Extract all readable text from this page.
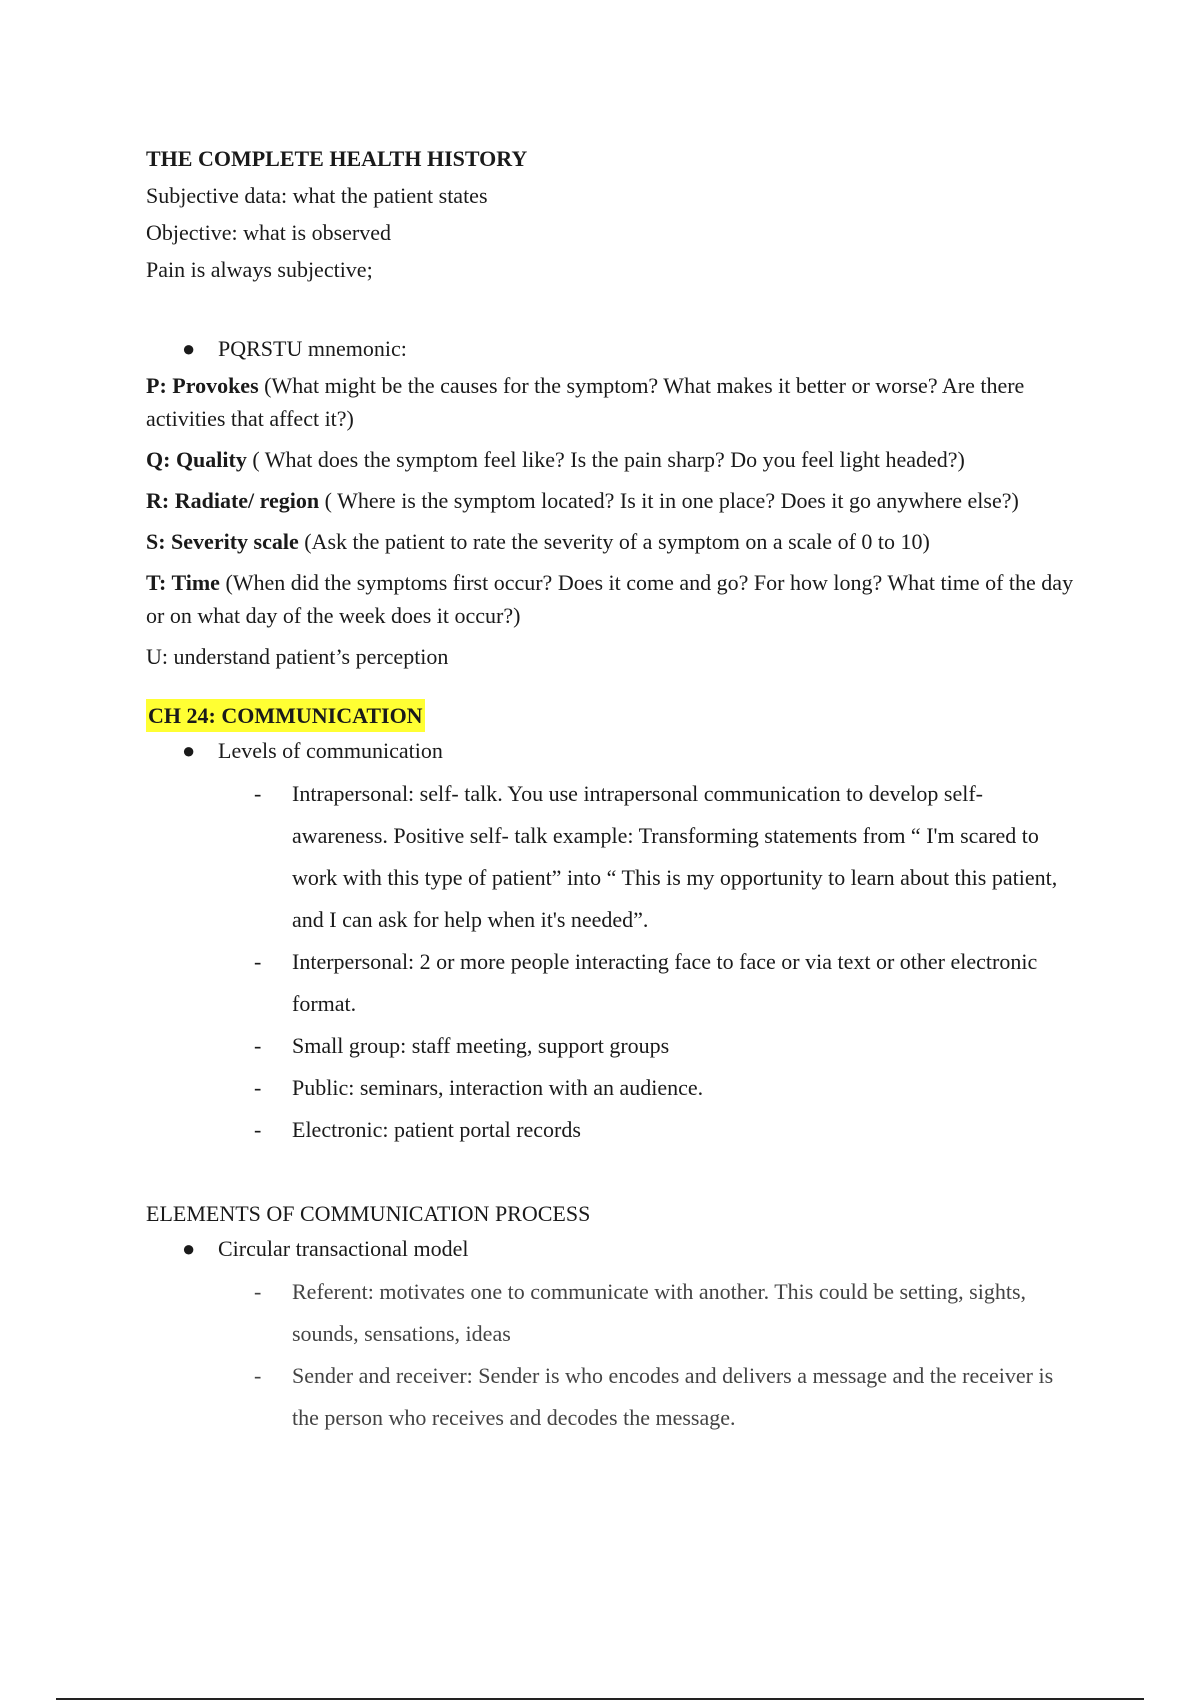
THE COMPLETE HEALTH HISTORY
Subjective data: what the patient states
Objective: what is observed
Pain is always subjective;
● PQRSTU mnemonic:
P: Provokes (What might be the causes for the symptom? What makes it better or worse? Are there activities that affect it?)
Q: Quality ( What does the symptom feel like? Is the pain sharp? Do you feel light headed?)
R: Radiate/ region ( Where is the symptom located? Is it in one place? Does it go anywhere else?)
S: Severity scale (Ask the patient to rate the severity of a symptom on a scale of 0 to 10)
T: Time (When did the symptoms first occur? Does it come and go? For how long? What time of the day or on what day of the week does it occur?)
U: understand patient’s perception
CH 24: COMMUNICATION
● Levels of communication
- Intrapersonal: self- talk. You use intrapersonal communication to develop self-awareness. Positive self- talk example: Transforming statements from “ I'm scared to work with this type of patient” into “ This is my opportunity to learn about this patient, and I can ask for help when it's needed”.
- Interpersonal: 2 or more people interacting face to face or via text or other electronic format.
- Small group: staff meeting, support groups
- Public: seminars, interaction with an audience.
- Electronic: patient portal records
ELEMENTS OF COMMUNICATION PROCESS
● Circular transactional model
- Referent: motivates one to communicate with another. This could be setting, sights, sounds, sensations, ideas
- Sender and receiver: Sender is who encodes and delivers a message and the receiver is the person who receives and decodes the message.
